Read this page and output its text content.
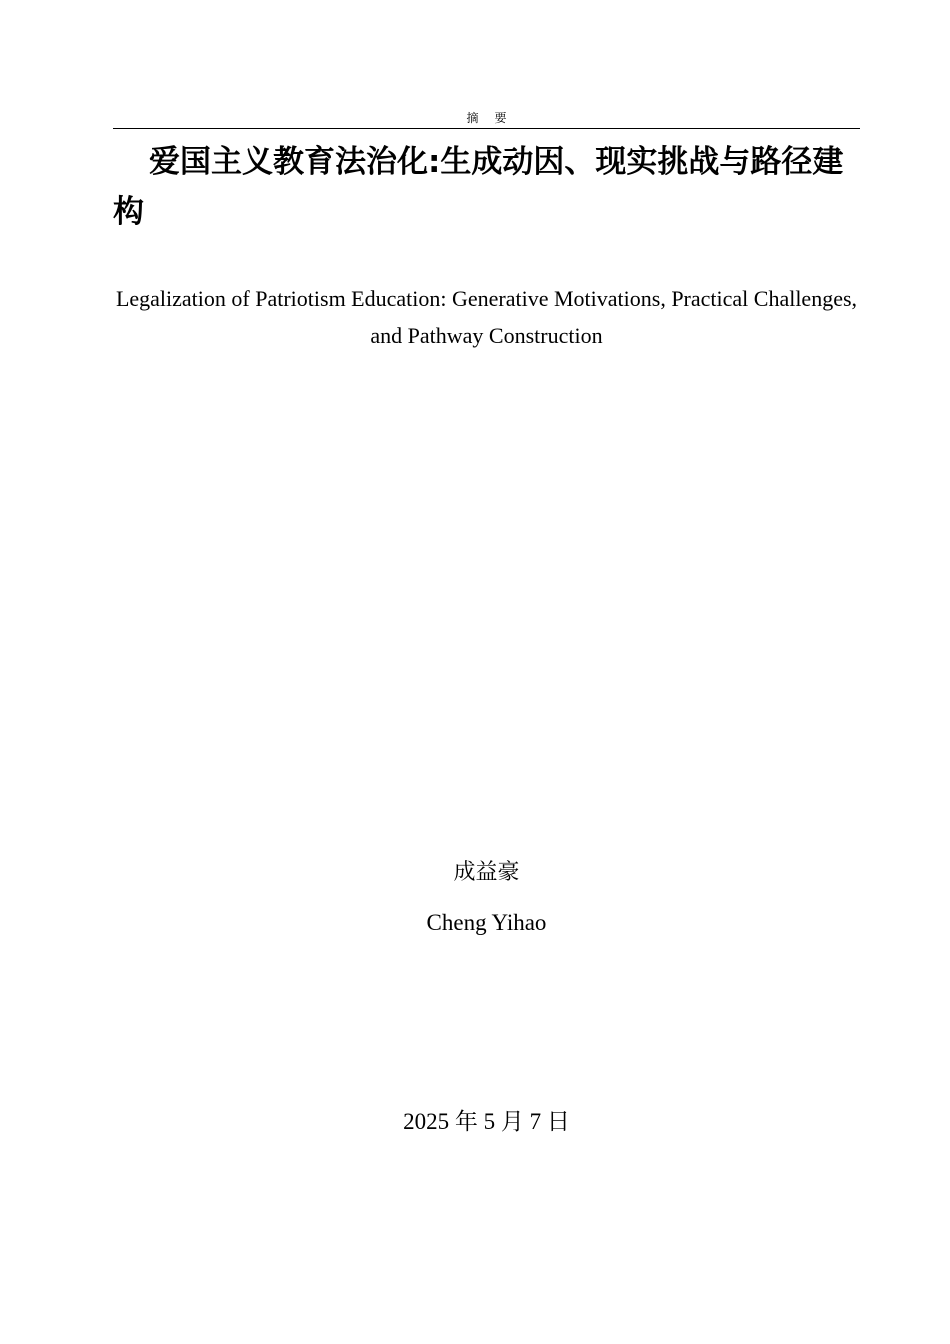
摘要
爱国主义教育法治化:生成动因、现实挑战与路径建构

Legalization of Patriotism Education: Generative Motivations, Practical Challenges, and Pathway Construction

成益豪
Cheng Yihao
2025 年 5 月 7 日
